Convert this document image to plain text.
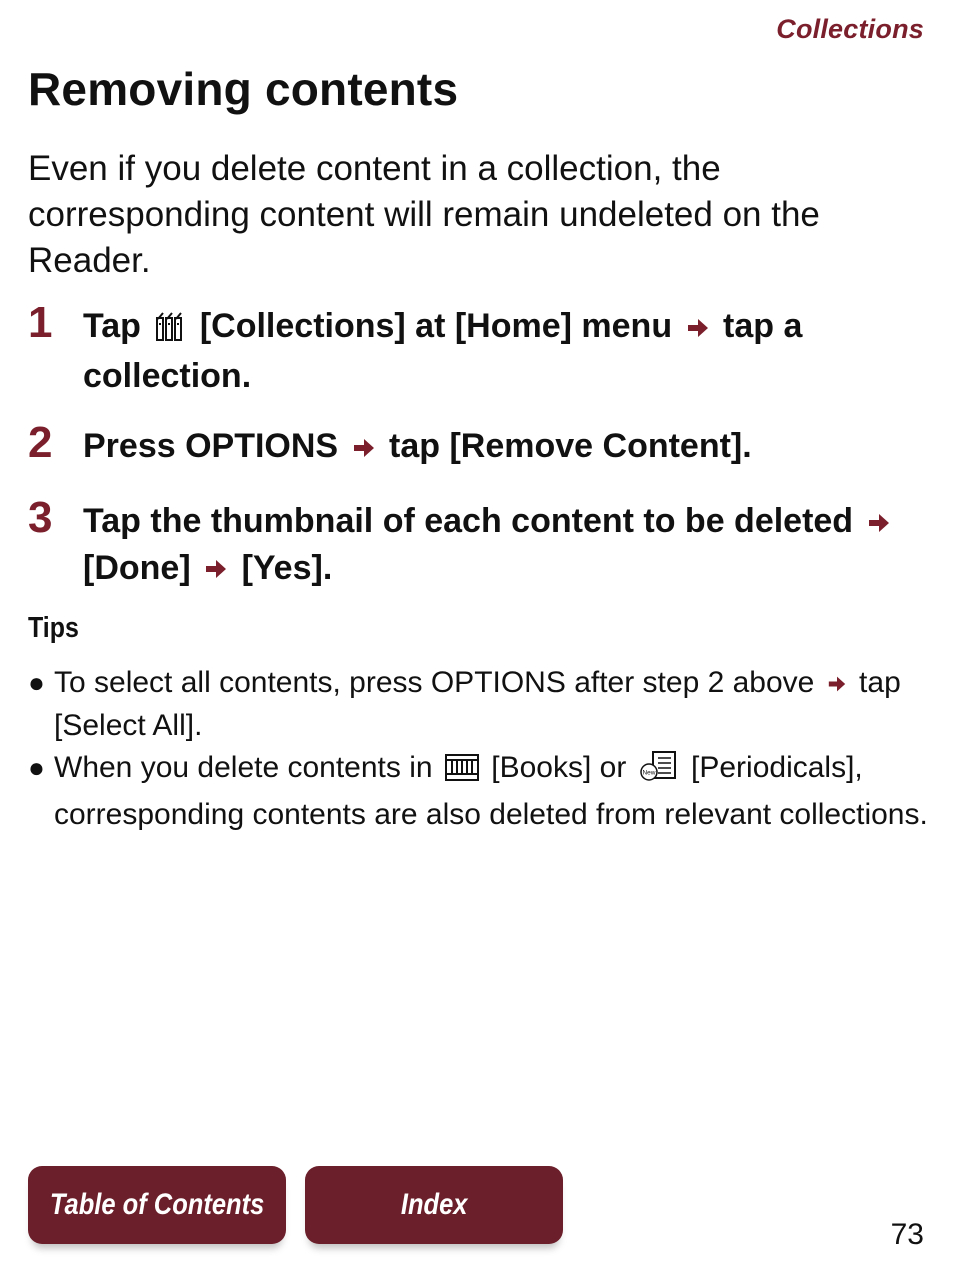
Collections
Removing contents

Even if you delete content in a collection, the corresponding content will remain undeleted on the Reader.

1 Tap [Collections] at [Home] menu tap a collection.
2 Press OPTIONS tap [Remove Content].
3 Tap the thumbnail of each content to be deleted  [Done] [Yes].
Tips
● To select all contents, press OPTIONS after step 2 above tap [Select All].
● When you delete contents in [Books] or New [Periodicals], corresponding contents are also deleted from relevant collections.
Table of Contents	Index
73
